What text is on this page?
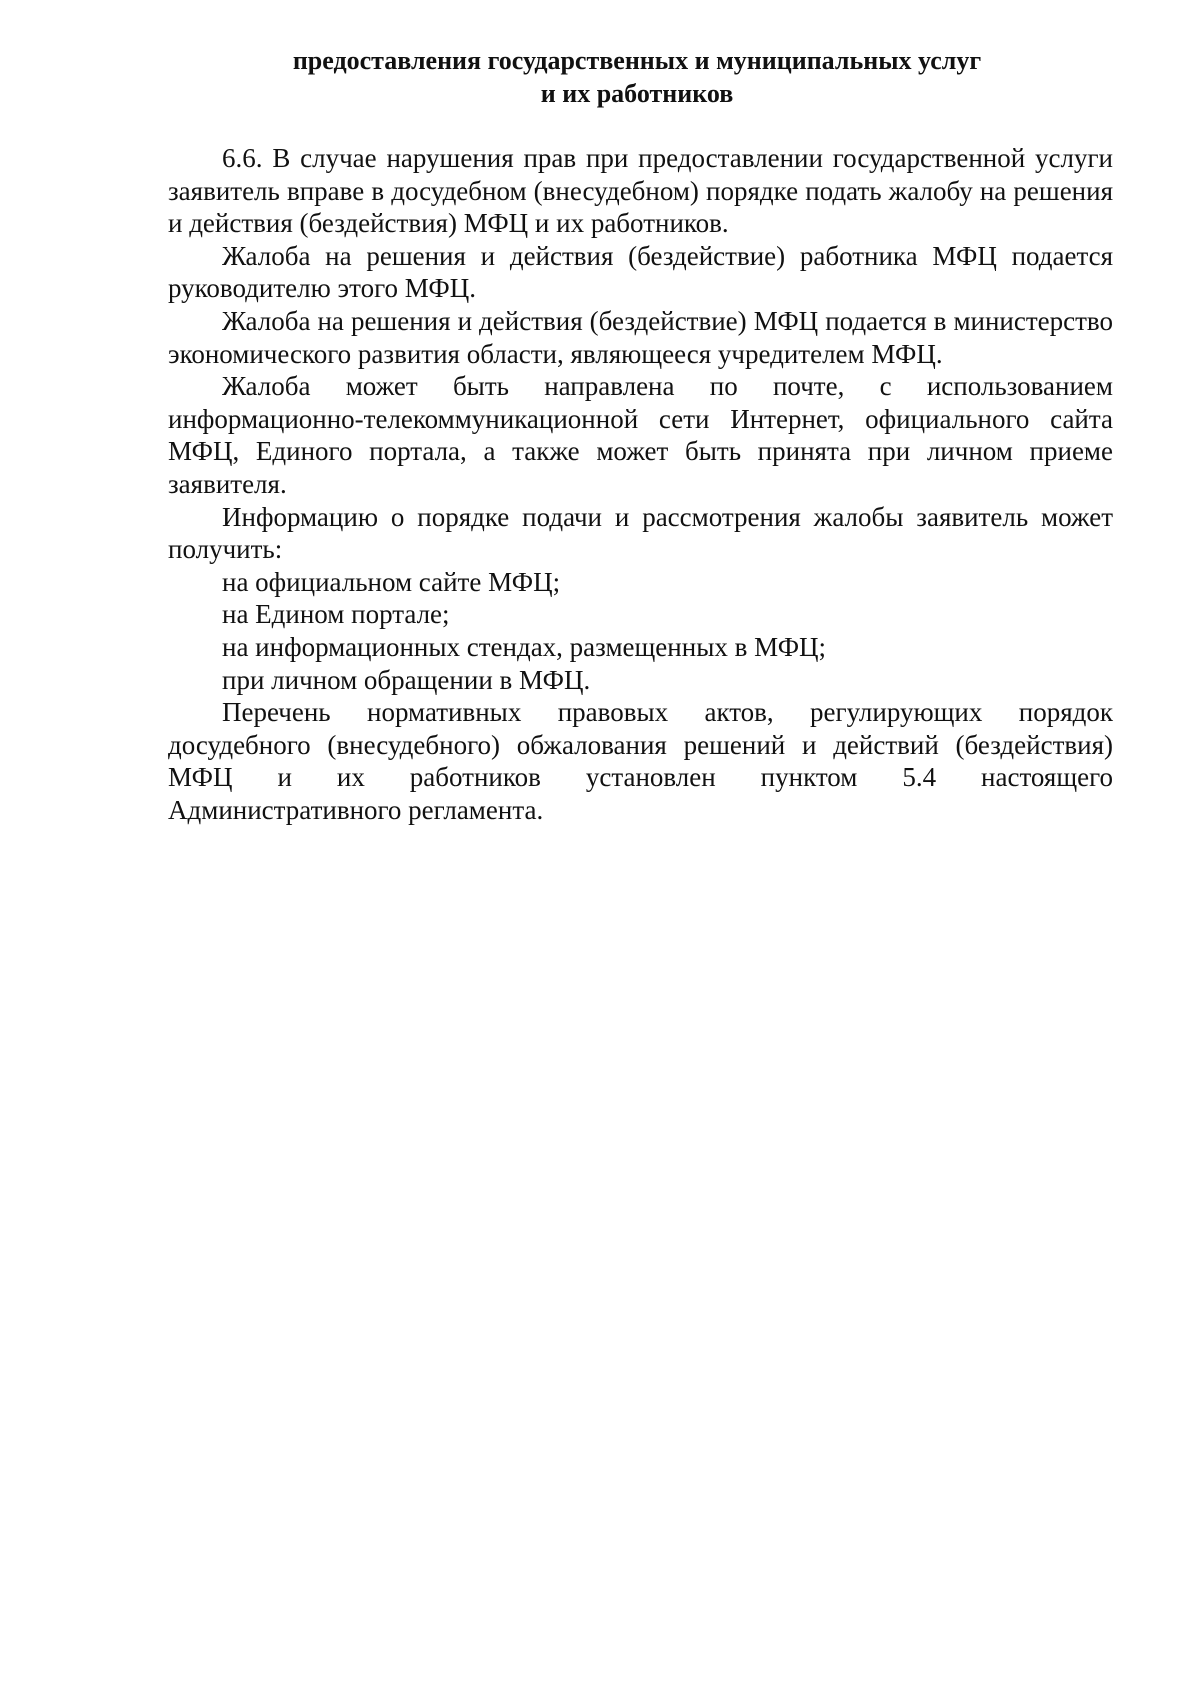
предоставления государственных и муниципальных услуг
и их работников

6.6. В случае нарушения прав при предоставлении государственной услуги заявитель вправе в досудебном (внесудебном) порядке подать жалобу на решения и действия (бездействия) МФЦ и их работников.

Жалоба на решения и действия (бездействие) работника МФЦ подается руководителю этого МФЦ.

Жалоба на решения и действия (бездействие) МФЦ подается в министерство экономического развития области, являющееся учредителем МФЦ.

Жалоба может быть направлена по почте, с использованием информационно-телекоммуникационной сети Интернет, официального сайта МФЦ, Единого портала, а также может быть принята при личном приеме заявителя.

Информацию о порядке подачи и рассмотрения жалобы заявитель может получить:

на официальном сайте МФЦ;

на Едином портале;

на информационных стендах, размещенных в МФЦ;

при личном обращении в МФЦ.

Перечень нормативных правовых актов, регулирующих порядок досудебного (внесудебного) обжалования решений и действий (бездействия) МФЦ и их работников установлен пунктом 5.4 настоящего

Административного регламента.
